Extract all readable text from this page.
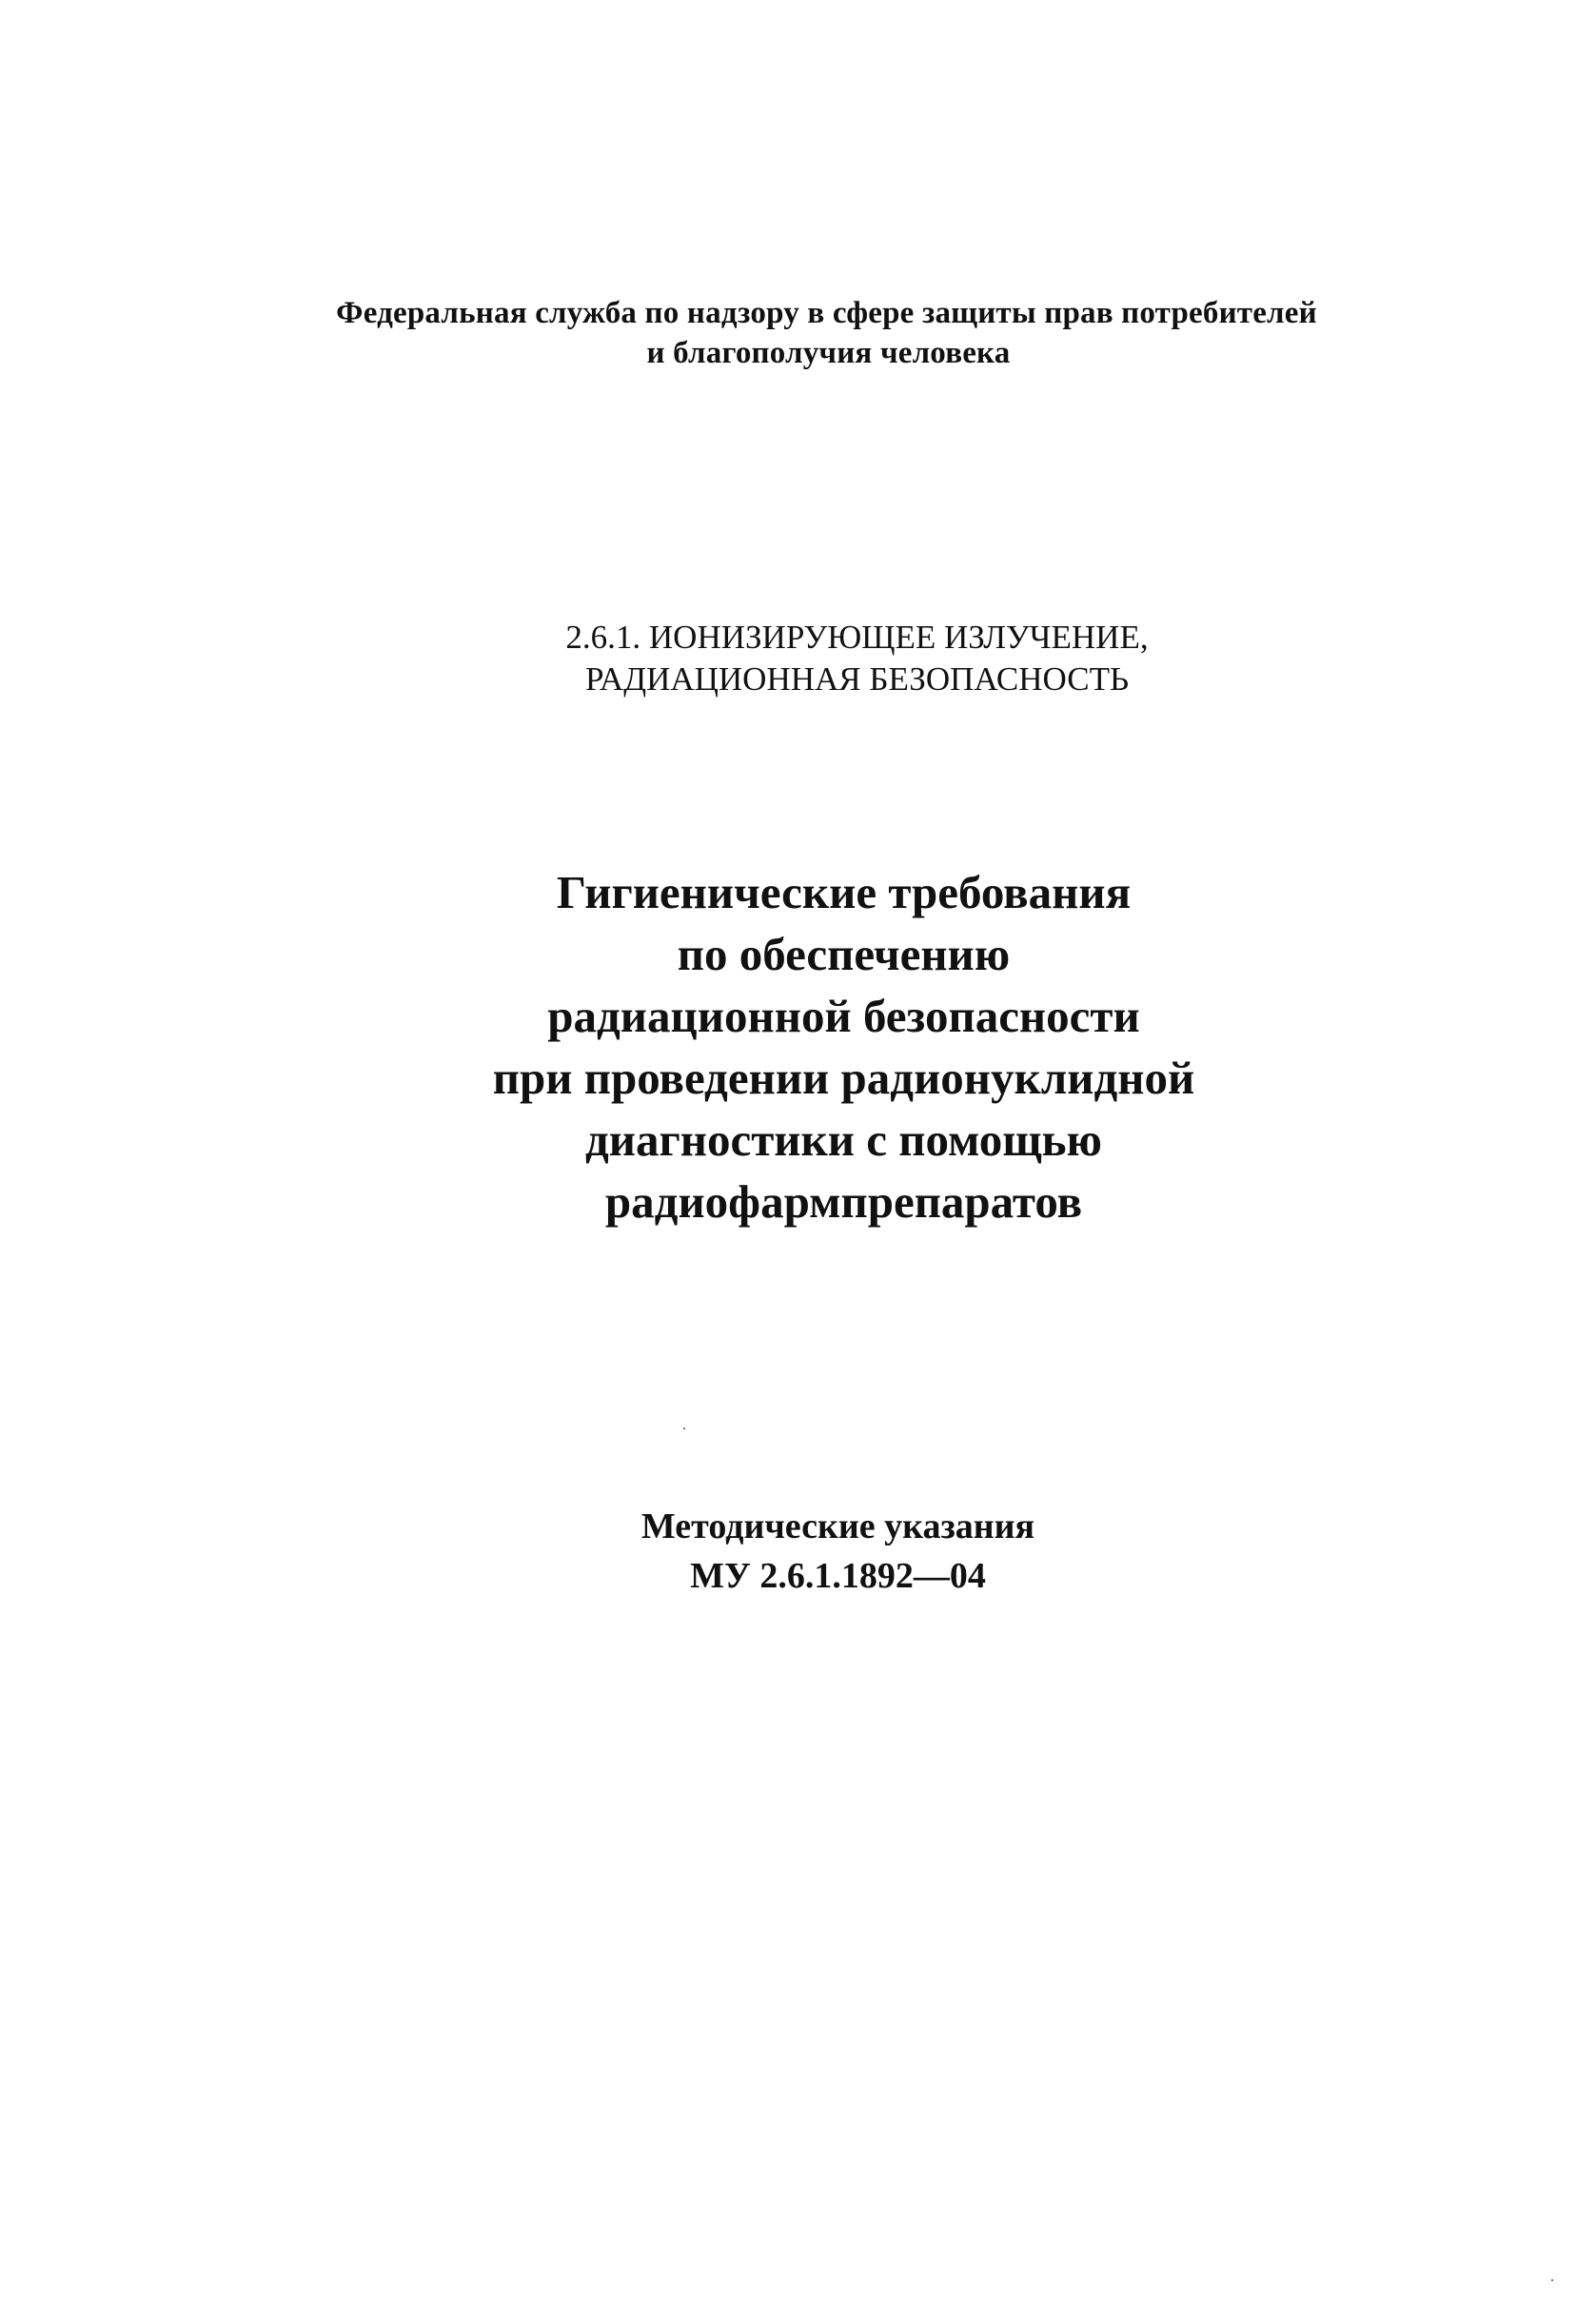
Федеральная служба по надзору в сфере защиты прав потребителей
и благополучия человека
2.6.1. ИОНИЗИРУЮЩЕЕ ИЗЛУЧЕНИЕ,
РАДИАЦИОННАЯ БЕЗОПАСНОСТЬ
Гигиенические требования
по обеспечению
радиационной безопасности
при проведении радионуклидной
диагностики с помощью
радиофармпрепаратов
Методические указания
МУ 2.6.1.1892—04
